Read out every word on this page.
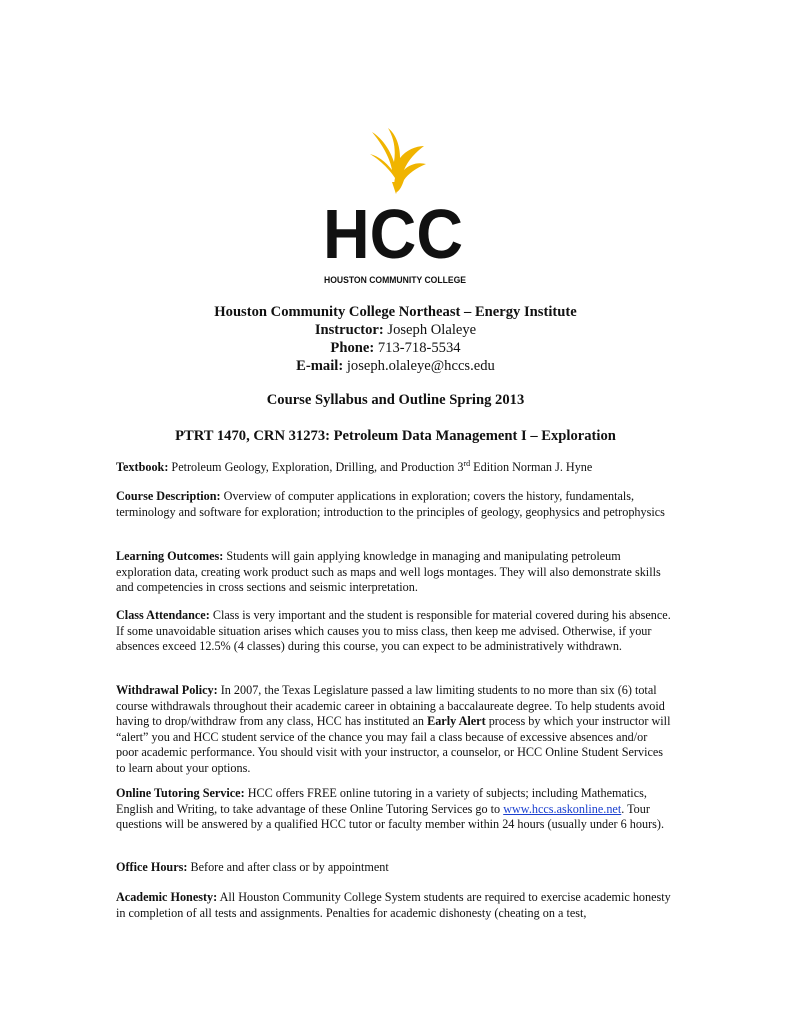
HCC
HOUSTON COMMUNITY COLLEGE
Houston Community College Northeast – Energy Institute
Instructor: Joseph Olaleye
Phone: 713-718-5534
E-mail: joseph.olaleye@hccs.edu
Course Syllabus and Outline Spring 2013
PTRT 1470, CRN 31273: Petroleum Data Management I – Exploration

Textbook: Petroleum Geology, Exploration, Drilling, and Production 3rd Edition Norman J. Hyne

Course Description: Overview of computer applications in exploration; covers the history, fundamentals, terminology and software for exploration; introduction to the principles of geology, geophysics and petrophysics

Learning Outcomes: Students will gain applying knowledge in managing and manipulating petroleum exploration data, creating work product such as maps and well logs montages. They will also demonstrate skills and competencies in cross sections and seismic interpretation.

Class Attendance: Class is very important and the student is responsible for material covered during his absence. If some unavoidable situation arises which causes you to miss class, then keep me advised. Otherwise, if your absences exceed 12.5% (4 classes) during this course, you can expect to be administratively withdrawn.

Withdrawal Policy: In 2007, the Texas Legislature passed a law limiting students to no more than six (6) total course withdrawals throughout their academic career in obtaining a baccalaureate degree. To help students avoid having to drop/withdraw from any class, HCC has instituted an Early Alert process by which your instructor will “alert” you and HCC student service of the chance you may fail a class because of excessive absences and/or poor academic performance. You should visit with your instructor, a counselor, or HCC Online Student Services to learn about your options.

Online Tutoring Service: HCC offers FREE online tutoring in a variety of subjects; including Mathematics, English and Writing, to take advantage of these Online Tutoring Services go to www.hccs.askonline.net. Tour questions will be answered by a qualified HCC tutor or faculty member within 24 hours (usually under 6 hours).

Office Hours: Before and after class or by appointment

Academic Honesty: All Houston Community College System students are required to exercise academic honesty in completion of all tests and assignments. Penalties for academic dishonesty (cheating on a test,
